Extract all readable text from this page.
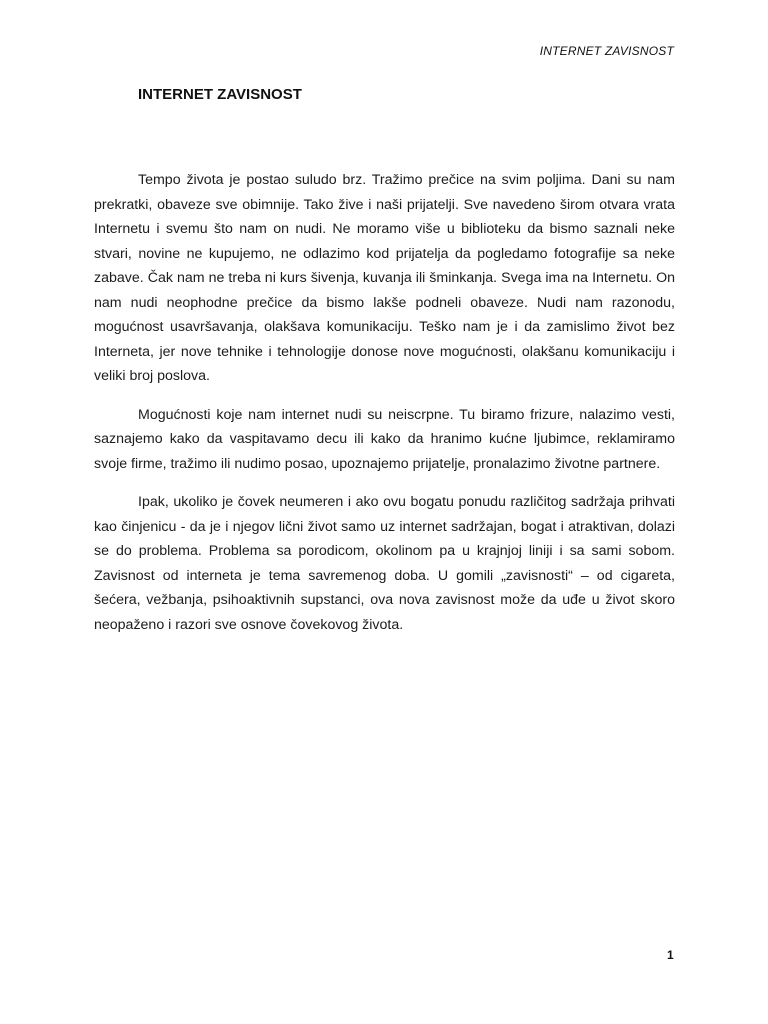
INTERNET ZAVISNOST
INTERNET ZAVISNOST

Tempo života je postao suludo brz. Tražimo prečice na svim poljima. Dani su nam prekratki, obaveze sve obimnije. Tako žive i naši prijatelji. Sve navedeno širom otvara vrata Internetu i svemu što nam on nudi. Ne moramo više u biblioteku da bismo saznali neke stvari, novine ne kupujemo, ne odlazimo kod prijatelja da pogledamo fotografije sa neke zabave. Čak nam ne treba ni kurs šivenja, kuvanja ili šminkanja. Svega ima na Internetu. On nam nudi neophodne prečice da bismo lakše podneli obaveze. Nudi nam razonodu, mogućnost usavršavanja, olakšava komunikaciju. Teško nam je i da zamislimo život bez Interneta, jer nove tehnike i tehnologije donose nove mogućnosti, olakšanu komunikaciju i veliki broj poslova.

Mogućnosti koje nam internet nudi su neiscrpne. Tu biramo frizure, nalazimo vesti, saznajemo kako da vaspitavamo decu ili kako da hranimo kućne ljubimce, reklamiramo svoje firme, tražimo ili nudimo posao, upoznajemo prijatelje, pronalazimo životne partnere.

Ipak, ukoliko je čovek neumeren i ako ovu bogatu ponudu različitog sadržaja prihvati kao činjenicu - da je i njegov lični život samo uz internet sadržajan, bogat i atraktivan, dolazi se do problema. Problema sa porodicom, okolinom pa u krajnjoj liniji i sa sami sobom. Zavisnost od interneta je tema savremenog doba. U gomili „zavisnosti“ – od cigareta, šećera, vežbanja, psihoaktivnih supstanci, ova nova zavisnost može da uđe u život skoro neopaženo i razori sve osnove čovekovog života.

1
